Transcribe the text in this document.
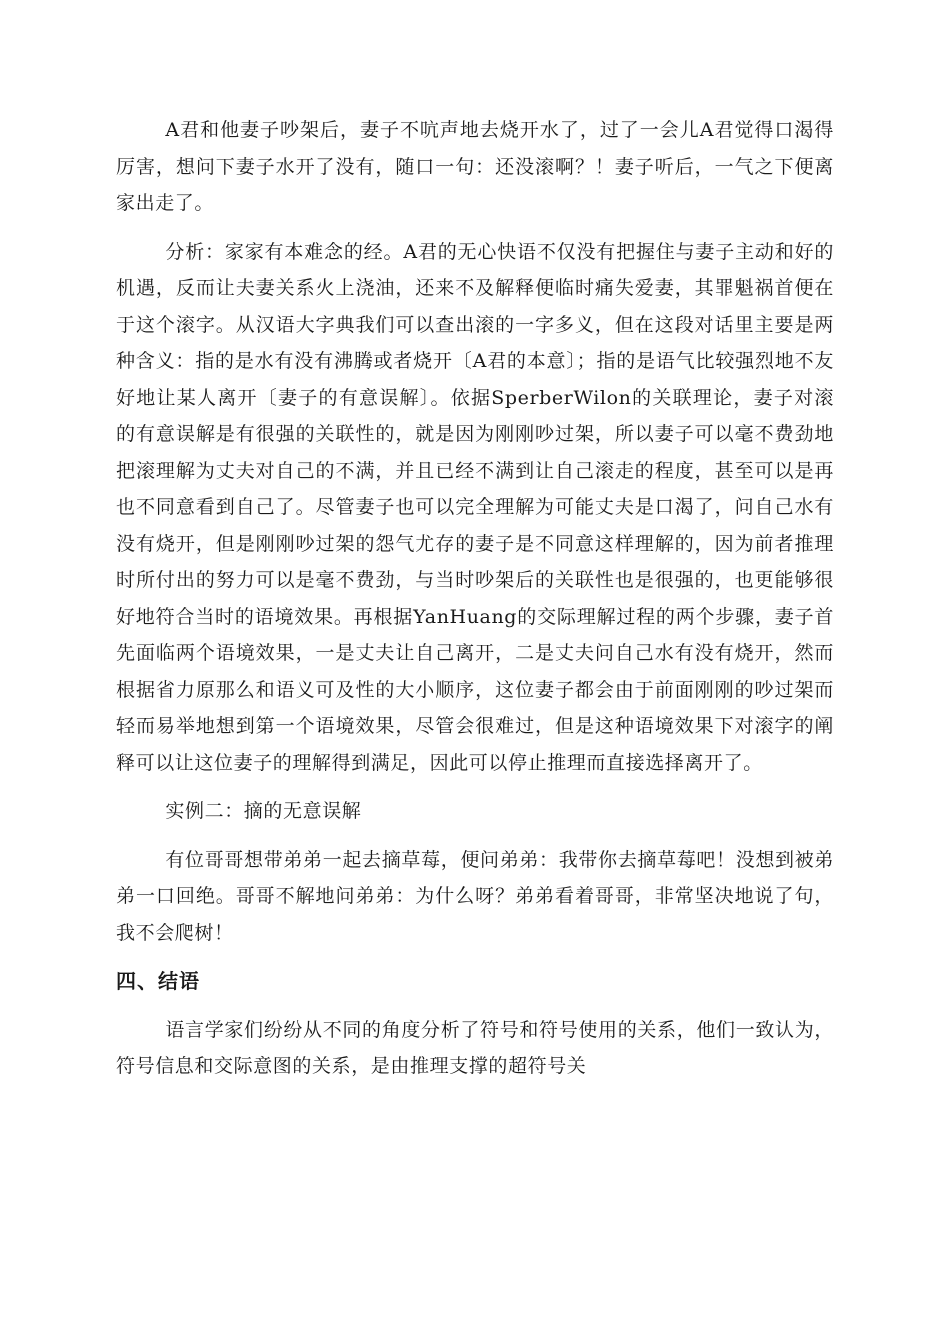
A君和他妻子吵架后，妻子不吭声地去烧开水了，过了一会儿A君觉得口渴得厉害，想问下妻子水开了没有，随口一句：还没滚啊？！妻子听后，一气之下便离家出走了。

分析：家家有本难念的经。A君的无心快语不仅没有把握住与妻子主动和好的机遇，反而让夫妻关系火上浇油，还来不及解释便临时痛失爱妻，其罪魁祸首便在于这个滚字。从汉语大字典我们可以查出滚的一字多义，但在这段对话里主要是两种含义：指的是水有没有沸腾或者烧开〔A君的本意〕；指的是语气比较强烈地不友好地让某人离开〔妻子的有意误解〕。依据SperberWilon的关联理论，妻子对滚的有意误解是有很强的关联性的，就是因为刚刚吵过架，所以妻子可以毫不费劲地把滚理解为丈夫对自己的不满，并且已经不满到让自己滚走的程度，甚至可以是再也不同意看到自己了。尽管妻子也可以完全理解为可能丈夫是口渴了，问自己水有没有烧开，但是刚刚吵过架的怨气尤存的妻子是不同意这样理解的，因为前者推理时所付出的努力可以是毫不费劲，与当时吵架后的关联性也是很强的，也更能够很好地符合当时的语境效果。再根据YanHuang的交际理解过程的两个步骤，妻子首先面临两个语境效果，一是丈夫让自己离开，二是丈夫问自己水有没有烧开，然而根据省力原那么和语义可及性的大小顺序，这位妻子都会由于前面刚刚的吵过架而轻而易举地想到第一个语境效果，尽管会很难过，但是这种语境效果下对滚字的阐释可以让这位妻子的理解得到满足，因此可以停止推理而直接选择离开了。

实例二：摘的无意误解

有位哥哥想带弟弟一起去摘草莓，便问弟弟：我带你去摘草莓吧！没想到被弟弟一口回绝。哥哥不解地问弟弟：为什么呀？弟弟看着哥哥，非常坚决地说了句，我不会爬树！

四、结语

语言学家们纷纷从不同的角度分析了符号和符号使用的关系，他们一致认为，符号信息和交际意图的关系，是由推理支撑的超符号关
